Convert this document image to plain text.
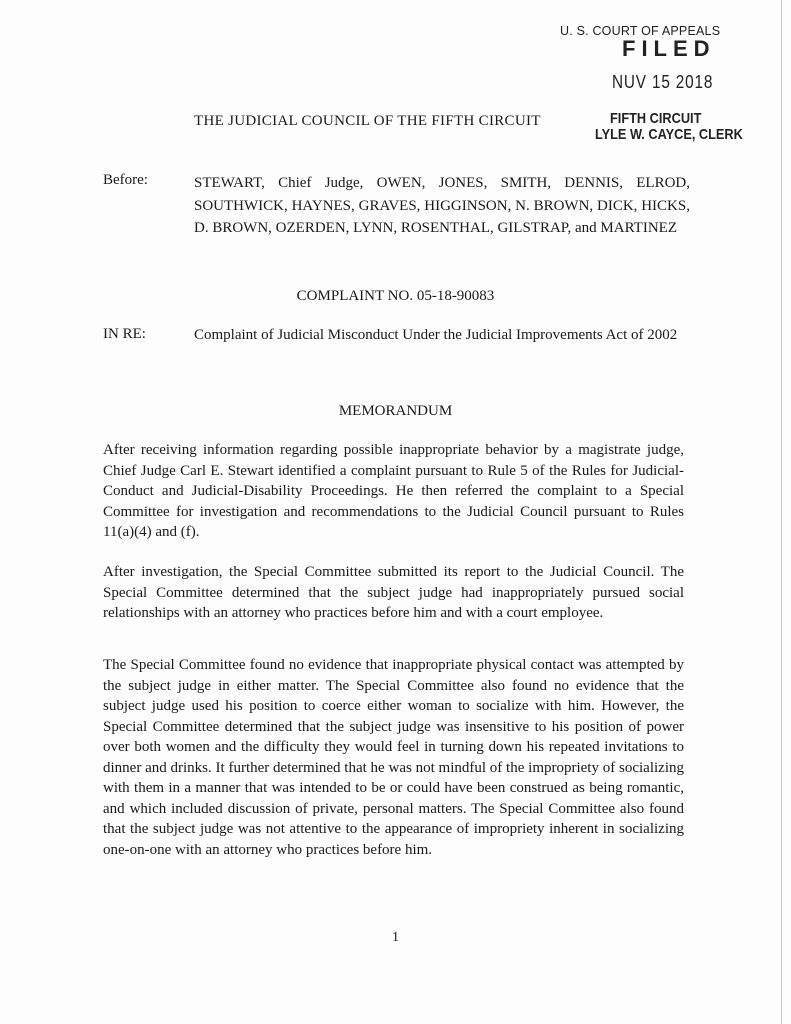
U. S. COURT OF APPEALS
FILED
NUV 15 2018
FIFTH CIRCUIT
LYLE W. CAYCE, CLERK
THE JUDICIAL COUNCIL OF THE FIFTH CIRCUIT
Before:	STEWART, Chief Judge, OWEN, JONES, SMITH, DENNIS, ELROD, SOUTHWICK, HAYNES, GRAVES, HIGGINSON, N. BROWN, DICK, HICKS, D. BROWN, OZERDEN, LYNN, ROSENTHAL, GILSTRAP, and MARTINEZ
COMPLAINT NO. 05-18-90083
IN RE:	Complaint of Judicial Misconduct Under the Judicial Improvements Act of 2002
MEMORANDUM
After receiving information regarding possible inappropriate behavior by a magistrate judge, Chief Judge Carl E. Stewart identified a complaint pursuant to Rule 5 of the Rules for Judicial-Conduct and Judicial-Disability Proceedings. He then referred the complaint to a Special Committee for investigation and recommendations to the Judicial Council pursuant to Rules 11(a)(4) and (f).
After investigation, the Special Committee submitted its report to the Judicial Council. The Special Committee determined that the subject judge had inappropriately pursued social relationships with an attorney who practices before him and with a court employee.
The Special Committee found no evidence that inappropriate physical contact was attempted by the subject judge in either matter. The Special Committee also found no evidence that the subject judge used his position to coerce either woman to socialize with him. However, the Special Committee determined that the subject judge was insensitive to his position of power over both women and the difficulty they would feel in turning down his repeated invitations to dinner and drinks. It further determined that he was not mindful of the impropriety of socializing with them in a manner that was intended to be or could have been construed as being romantic, and which included discussion of private, personal matters. The Special Committee also found that the subject judge was not attentive to the appearance of impropriety inherent in socializing one-on-one with an attorney who practices before him.
1
